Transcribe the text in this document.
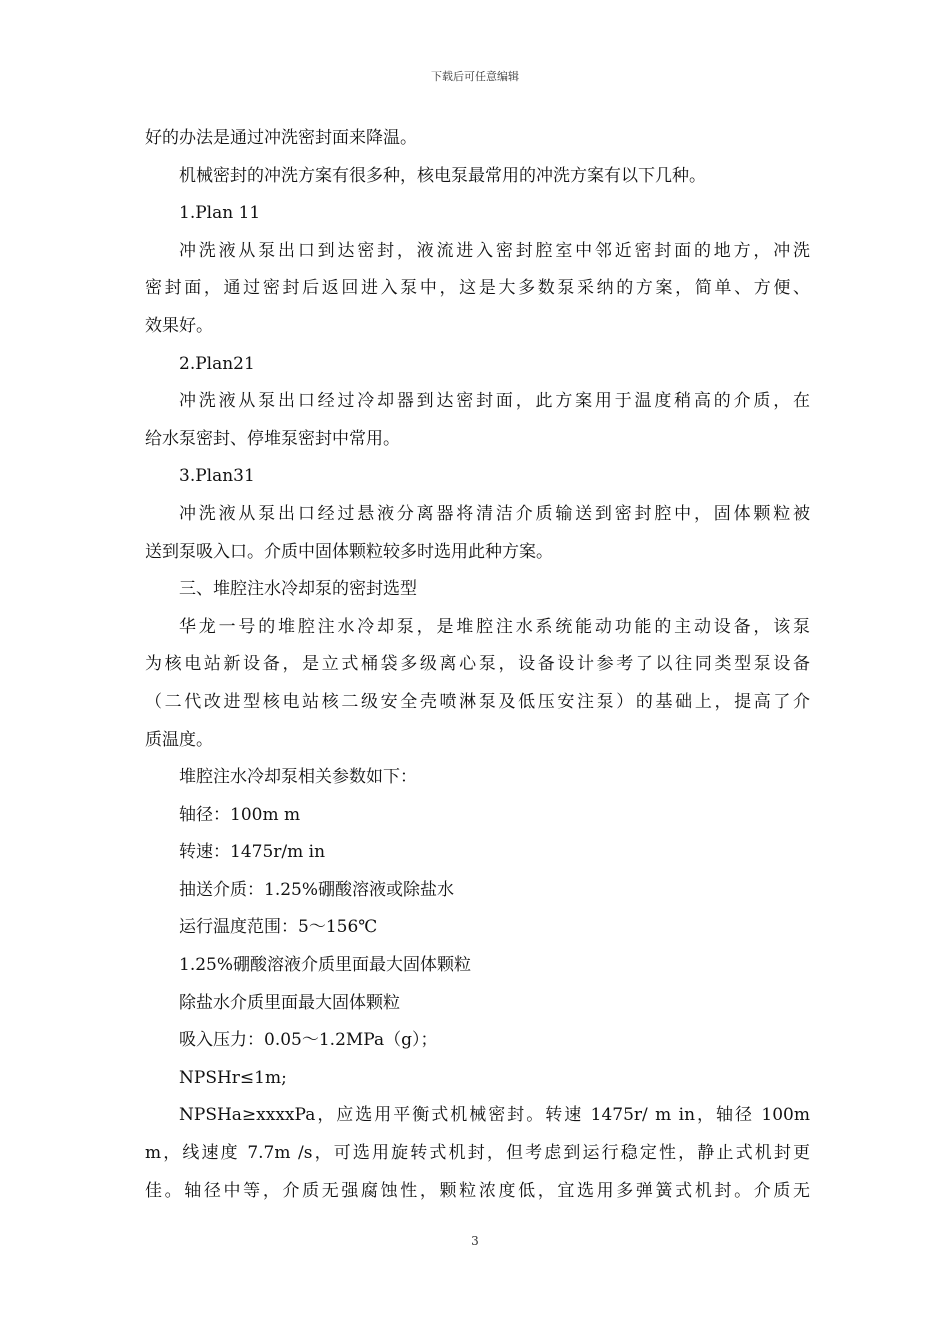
下载后可任意编辑
好的办法是通过冲洗密封面来降温。
机械密封的冲洗方案有很多种，核电泵最常用的冲洗方案有以下几种。
1.Plan 11
冲洗液从泵出口到达密封，液流进入密封腔室中邻近密封面的地方，冲洗
密封面，通过密封后返回进入泵中，这是大多数泵采纳的方案，简单、方便、
效果好。
2.Plan21
冲洗液从泵出口经过冷却器到达密封面，此方案用于温度稍高的介质，在
给水泵密封、停堆泵密封中常用。
3.Plan31
冲洗液从泵出口经过悬液分离器将清洁介质输送到密封腔中，固体颗粒被
送到泵吸入口。介质中固体颗粒较多时选用此种方案。
三、堆腔注水冷却泵的密封选型
华龙一号的堆腔注水冷却泵，是堆腔注水系统能动功能的主动设备，该泵
为核电站新设备，是立式桶袋多级离心泵，设备设计参考了以往同类型泵设备
（二代改进型核电站核二级安全壳喷淋泵及低压安注泵）的基础上，提高了介
质温度。
堆腔注水冷却泵相关参数如下：
轴径：100m m
转速：1475r/m in
抽送介质：1.25%硼酸溶液或除盐水
运行温度范围：5～156℃
1.25%硼酸溶液介质里面最大固体颗粒
除盐水介质里面最大固体颗粒
吸入压力：0.05～1.2MPa（g）；
NPSHr≤1m;
NPSHa≥xxxxPa，应选用平衡式机械密封。转速 1475r/ m in，轴径 100m
m，线速度 7.7m /s，可选用旋转式机封，但考虑到运行稳定性，静止式机封更
佳。轴径中等，介质无强腐蚀性，颗粒浓度低，宜选用多弹簧式机封。介质无
3
